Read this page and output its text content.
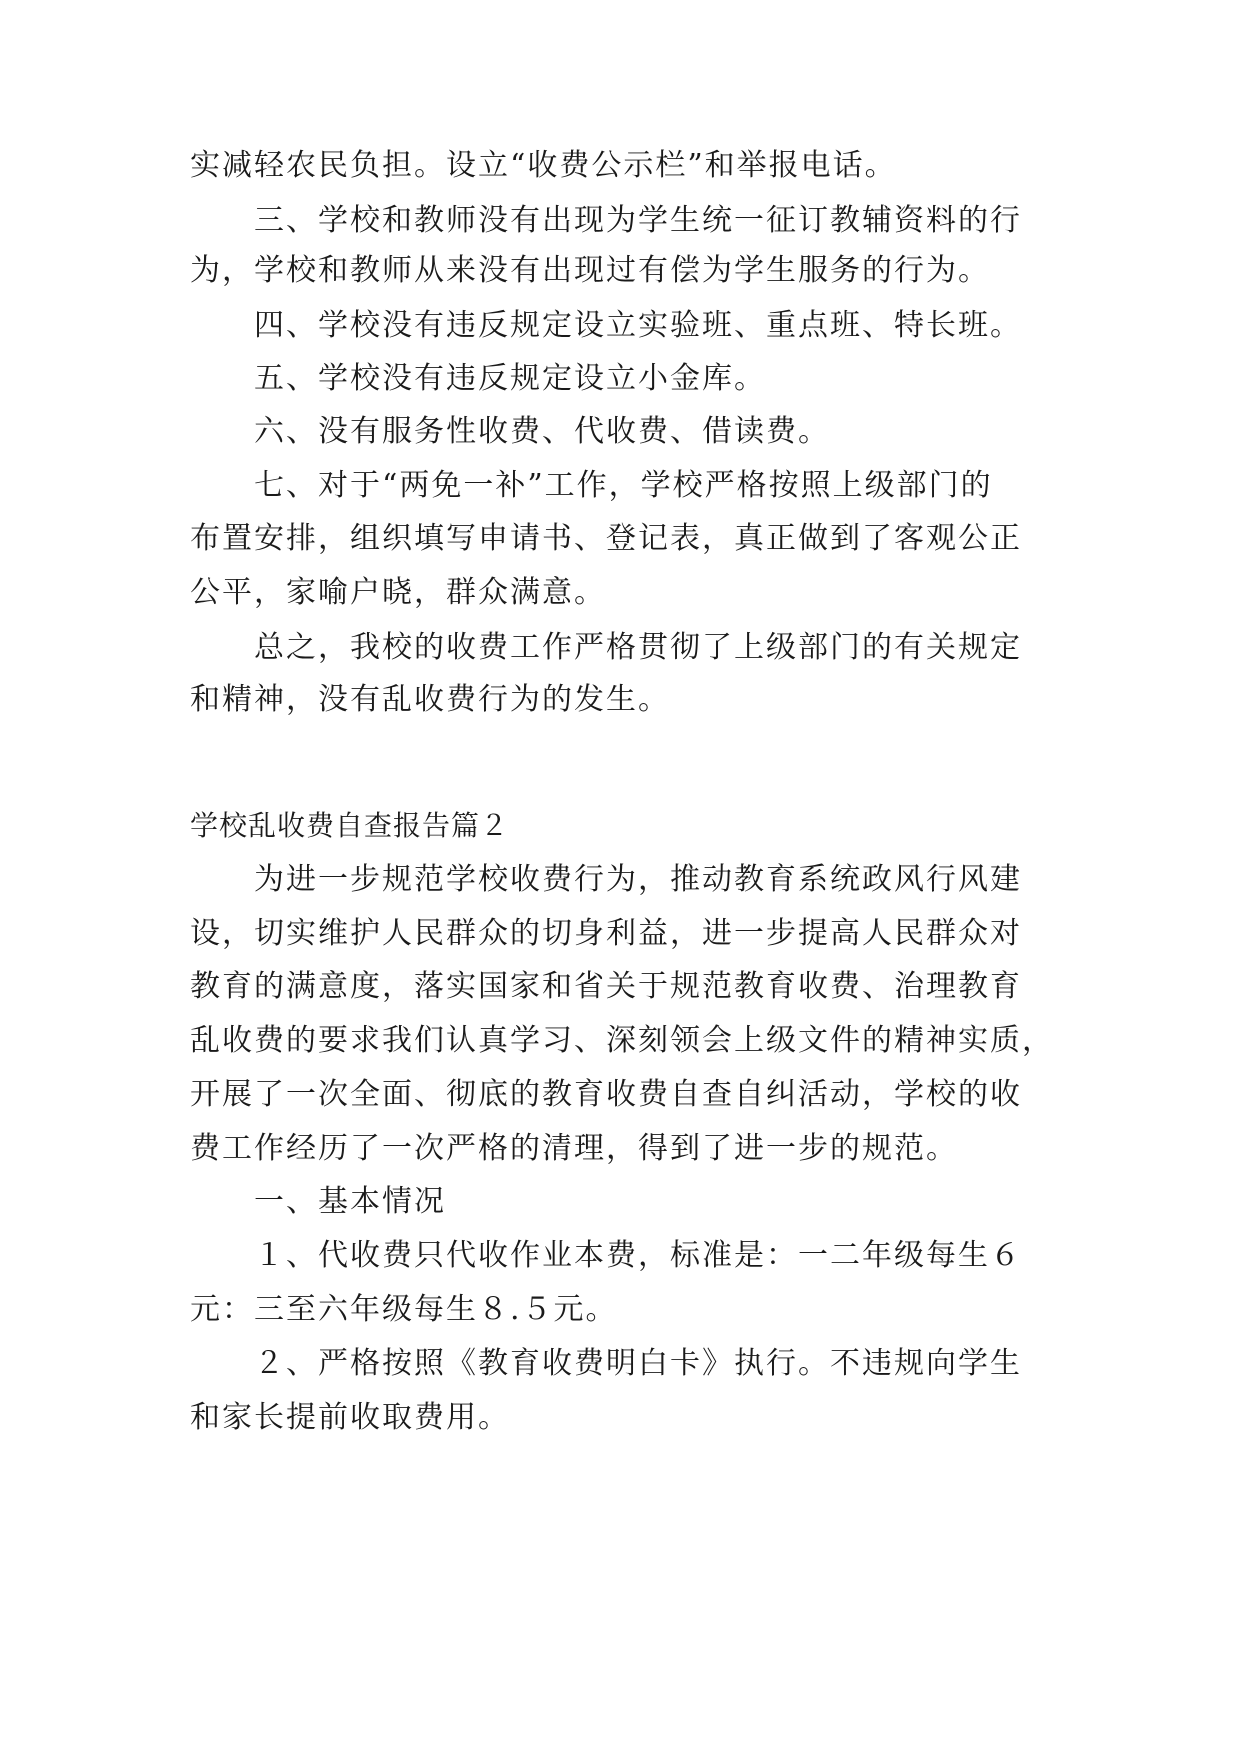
实减轻农民负担。设立“收费公示栏”和举报电话。

　　三、学校和教师没有出现为学生统一征订教辅资料的行

为，学校和教师从来没有出现过有偿为学生服务的行为。

　　四、学校没有违反规定设立实验班、重点班、特长班。

　　五、学校没有违反规定设立小金库。

　　六、没有服务性收费、代收费、借读费。

　　七、对于“两免一补”工作，学校严格按照上级部门的

布置安排，组织填写申请书、登记表，真正做到了客观公正

公平，家喻户晓，群众满意。

　　总之，我校的收费工作严格贯彻了上级部门的有关规定

和精神，没有乱收费行为的发生。

学校乱收费自查报告篇２

　　为进一步规范学校收费行为，推动教育系统政风行风建

设，切实维护人民群众的切身利益，进一步提高人民群众对

教育的满意度，落实国家和省关于规范教育收费、治理教育

乱收费的要求我们认真学习、深刻领会上级文件的精神实质，

开展了一次全面、彻底的教育收费自查自纠活动，学校的收

费工作经历了一次严格的清理，得到了进一步的规范。

　　一、基本情况

　　１、代收费只代收作业本费，标准是：一二年级每生６

元：三至六年级每生８.５元。

　　２、严格按照《教育收费明白卡》执行。不违规向学生

和家长提前收取费用。
